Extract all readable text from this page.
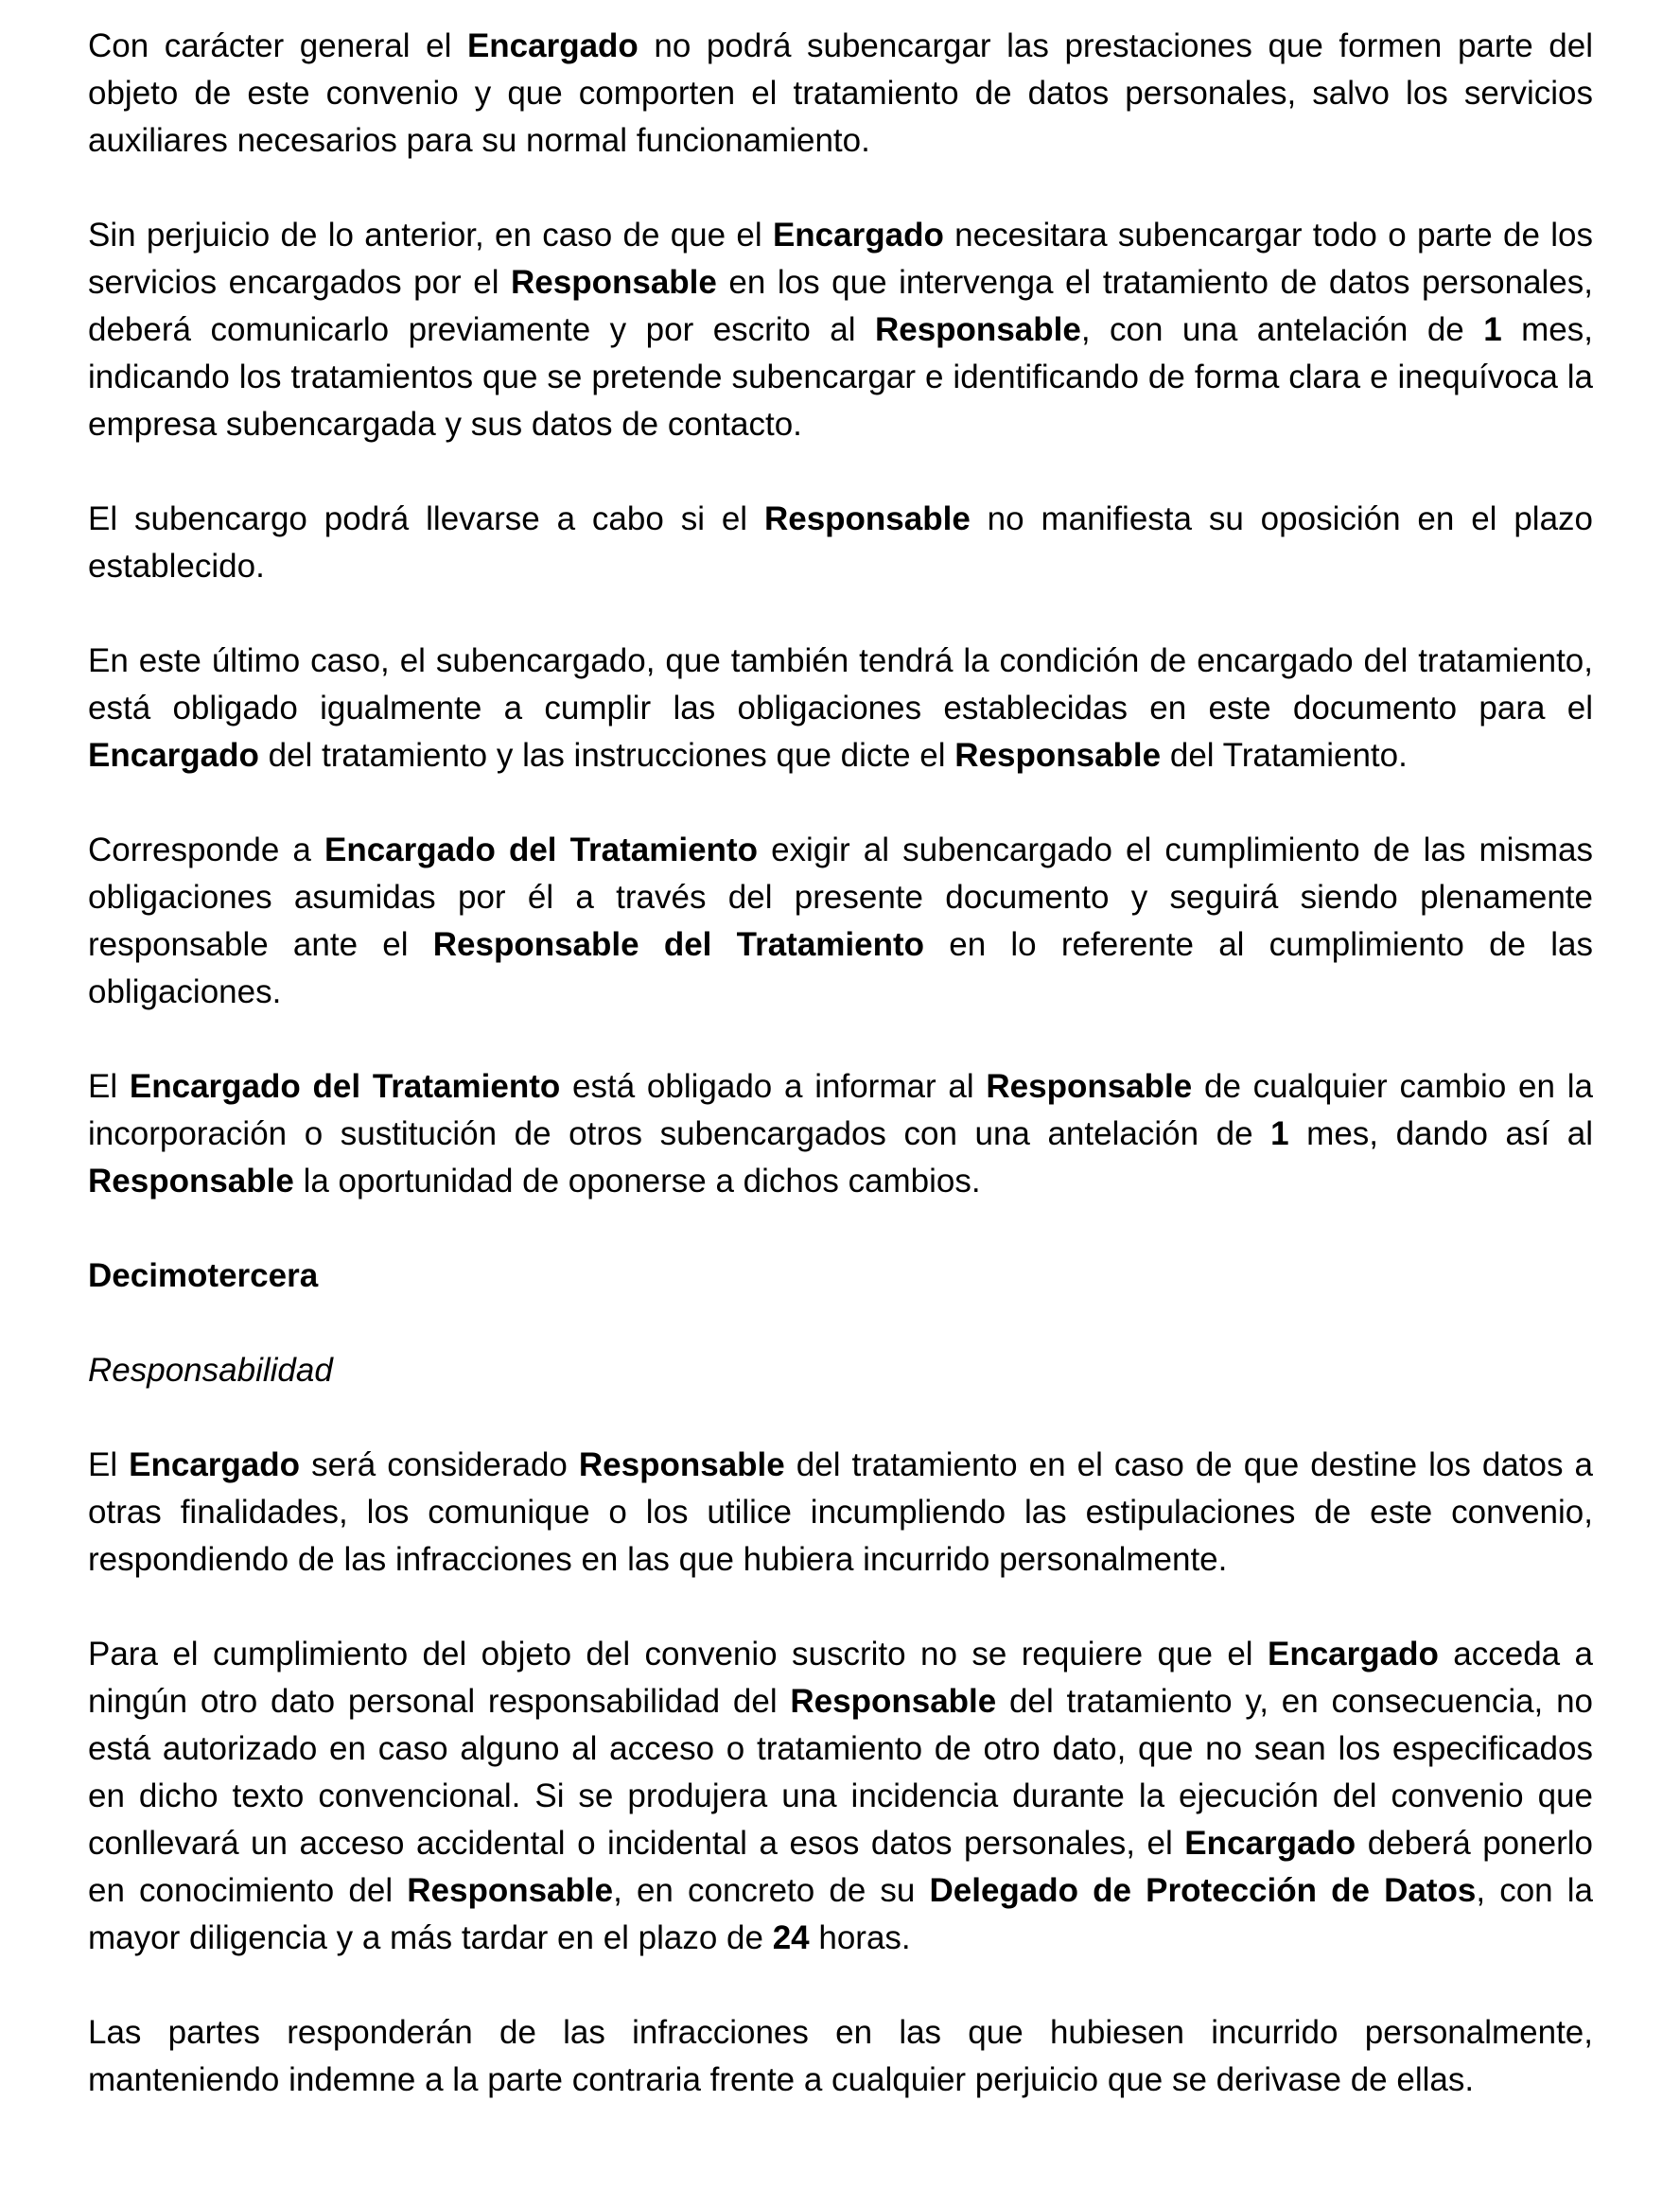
Con carácter general el Encargado no podrá subencargar las prestaciones que formen parte del objeto de este convenio y que comporten el tratamiento de datos personales, salvo los servicios auxiliares necesarios para su normal funcionamiento.

Sin perjuicio de lo anterior, en caso de que el Encargado necesitara subencargar todo o parte de los servicios encargados por el Responsable en los que intervenga el tratamiento de datos personales, deberá comunicarlo previamente y por escrito al Responsable, con una antelación de 1 mes, indicando los tratamientos que se pretende subencargar e identificando de forma clara e inequívoca la empresa subencargada y sus datos de contacto.

El subencargo podrá llevarse a cabo si el Responsable no manifiesta su oposición en el plazo establecido.

En este último caso, el subencargado, que también tendrá la condición de encargado del tratamiento, está obligado igualmente a cumplir las obligaciones establecidas en este documento para el Encargado del tratamiento y las instrucciones que dicte el Responsable del Tratamiento.

Corresponde a Encargado del Tratamiento exigir al subencargado el cumplimiento de las mismas obligaciones asumidas por él a través del presente documento y seguirá siendo plenamente responsable ante el Responsable del Tratamiento en lo referente al cumplimiento de las obligaciones.

El Encargado del Tratamiento está obligado a informar al Responsable de cualquier cambio en la incorporación o sustitución de otros subencargados con una antelación de 1 mes, dando así al Responsable la oportunidad de oponerse a dichos cambios.

Decimotercera

Responsabilidad

El Encargado será considerado Responsable del tratamiento en el caso de que destine los datos a otras finalidades, los comunique o los utilice incumpliendo las estipulaciones de este convenio, respondiendo de las infracciones en las que hubiera incurrido personalmente.

Para el cumplimiento del objeto del convenio suscrito no se requiere que el Encargado acceda a ningún otro dato personal responsabilidad del Responsable del tratamiento y, en consecuencia, no está autorizado en caso alguno al acceso o tratamiento de otro dato, que no sean los especificados en dicho texto convencional. Si se produjera una incidencia durante la ejecución del convenio que conllevará un acceso accidental o incidental a esos datos personales, el Encargado deberá ponerlo en conocimiento del Responsable, en concreto de su Delegado de Protección de Datos, con la mayor diligencia y a más tardar en el plazo de 24 horas.

Las partes responderán de las infracciones en las que hubiesen incurrido personalmente, manteniendo indemne a la parte contraria frente a cualquier perjuicio que se derivase de ellas.
